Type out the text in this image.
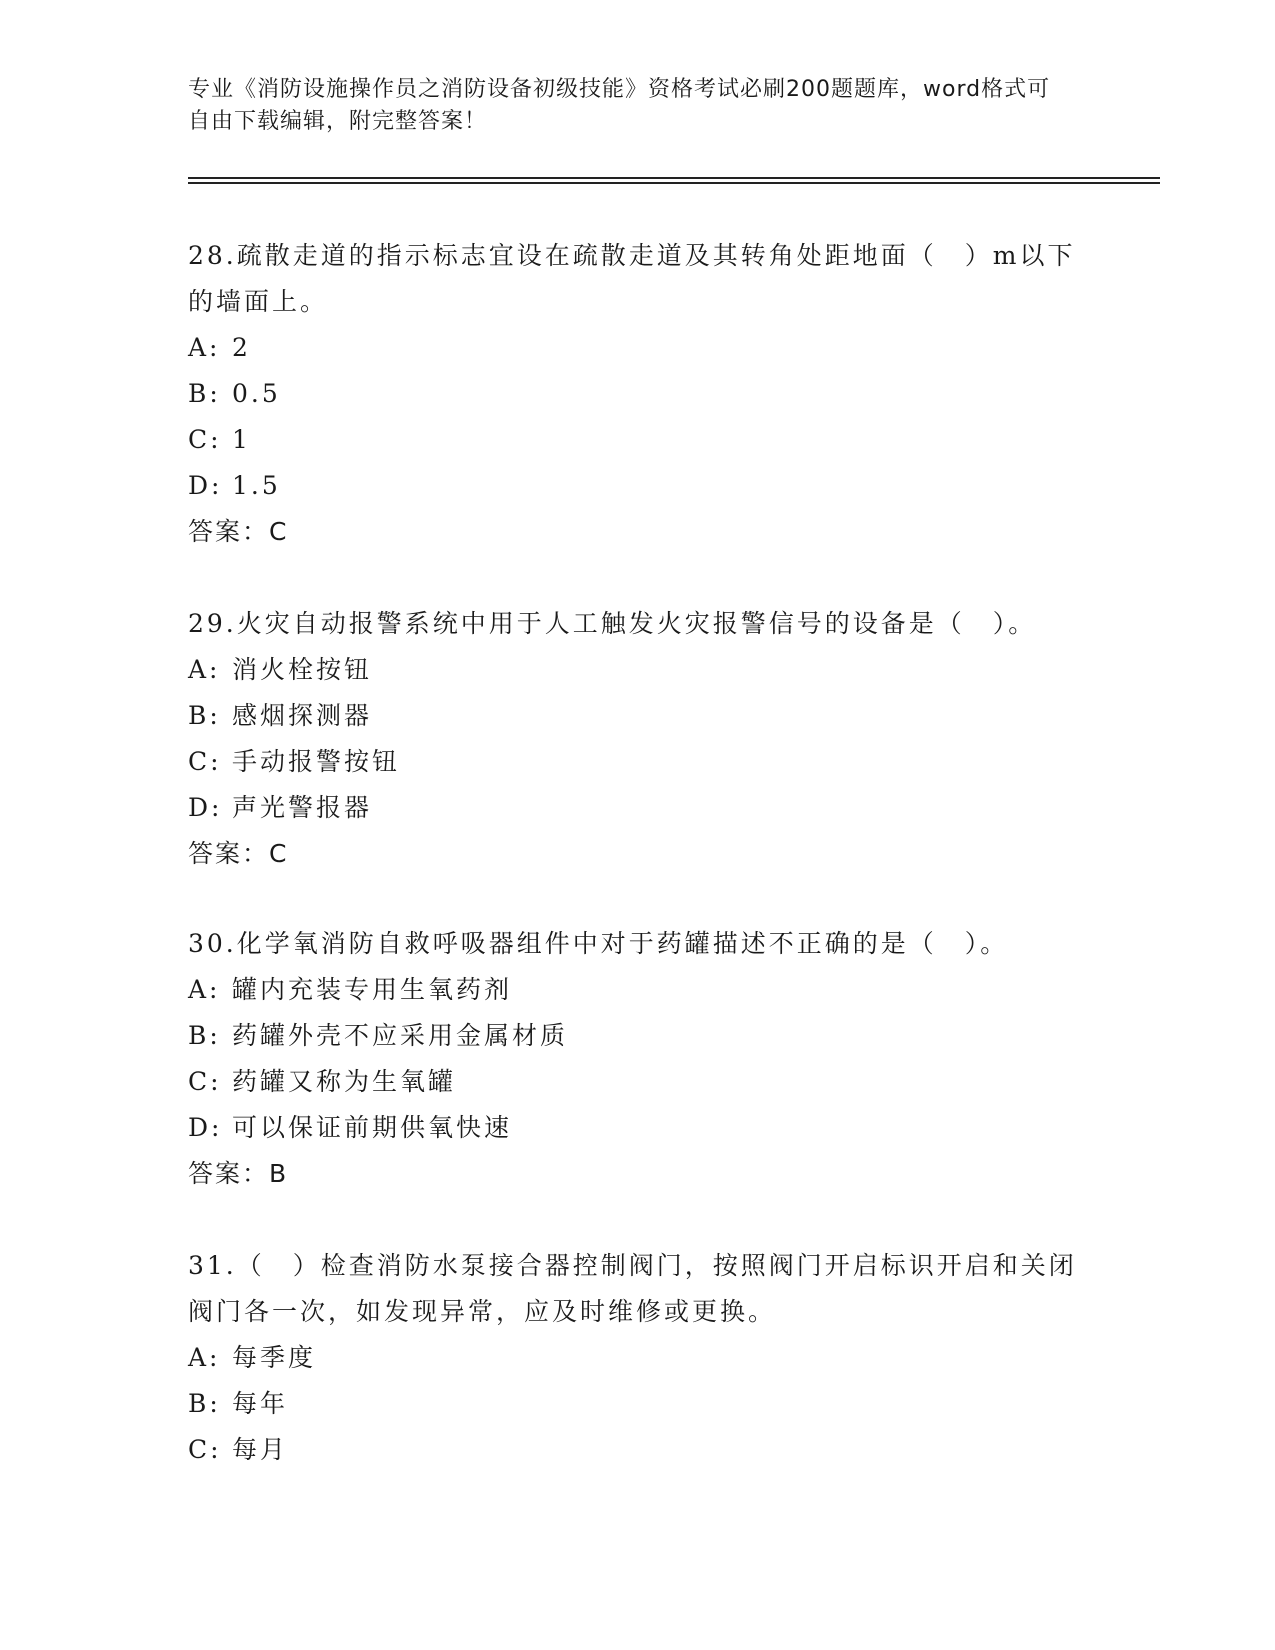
专业《消防设施操作员之消防设备初级技能》资格考试必刷200题题库，word格式可自由下载编辑，附完整答案！
28.疏散走道的指示标志宜设在疏散走道及其转角处距地面（　）m以下的墙面上。
A: 2
B: 0.5
C: 1
D: 1.5
答案：C
29.火灾自动报警系统中用于人工触发火灾报警信号的设备是（　）。
A: 消火栓按钮
B: 感烟探测器
C: 手动报警按钮
D: 声光警报器
答案：C
30.化学氧消防自救呼吸器组件中对于药罐描述不正确的是（　）。
A: 罐内充装专用生氧药剂
B: 药罐外壳不应采用金属材质
C: 药罐又称为生氧罐
D: 可以保证前期供氧快速
答案：B
31.（　）检查消防水泵接合器控制阀门，按照阀门开启标识开启和关闭阀门各一次，如发现异常，应及时维修或更换。
A: 每季度
B: 每年
C: 每月
